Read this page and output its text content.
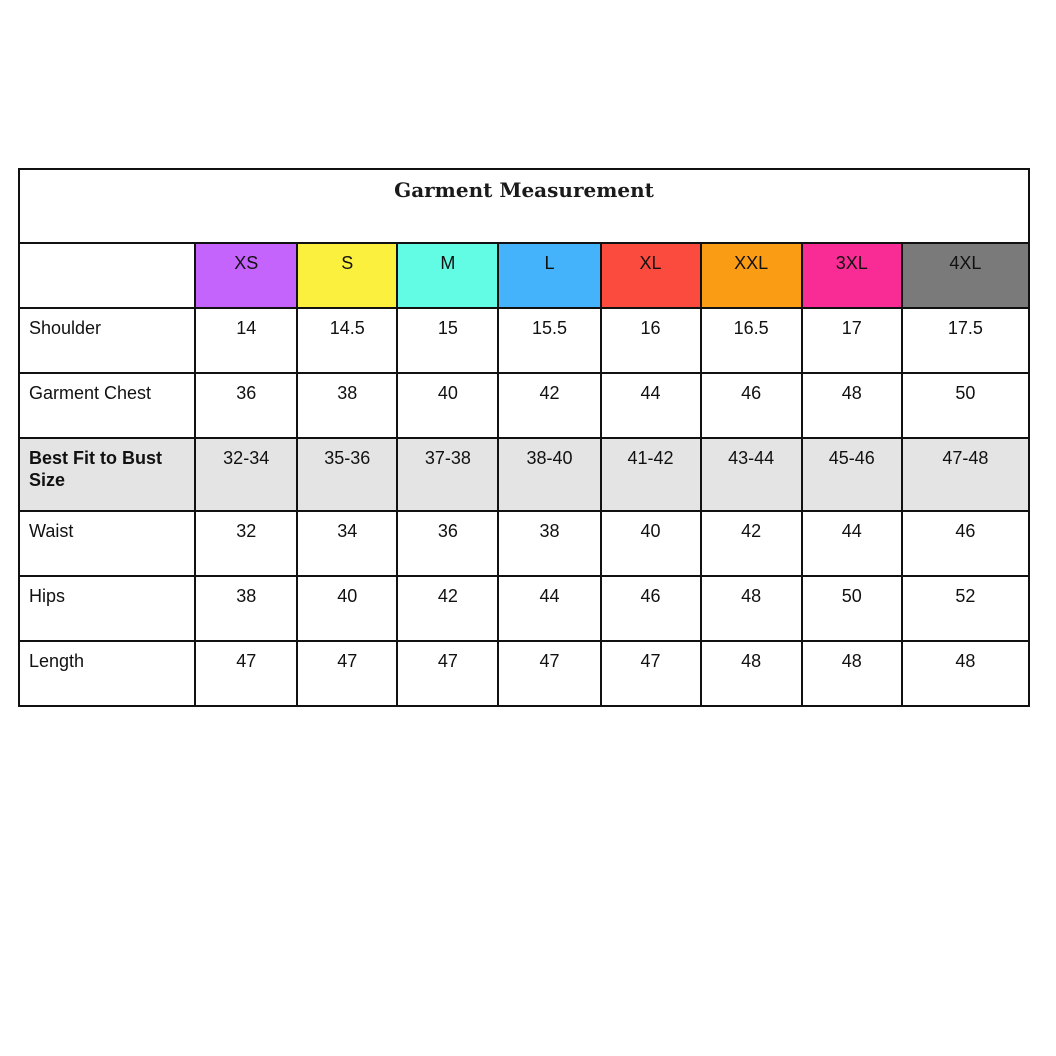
Garment Measurement								
	XS	S	M	L	XL	XXL	3XL	4XL
Shoulder	14	14.5	15	15.5	16	16.5	17	17.5
Garment Chest	36	38	40	42	44	46	48	50
Best Fit to Bust Size	32-34	35-36	37-38	38-40	41-42	43-44	45-46	47-48
Waist	32	34	36	38	40	42	44	46
Hips	38	40	42	44	46	48	50	52
Length	47	47	47	47	47	48	48	48
